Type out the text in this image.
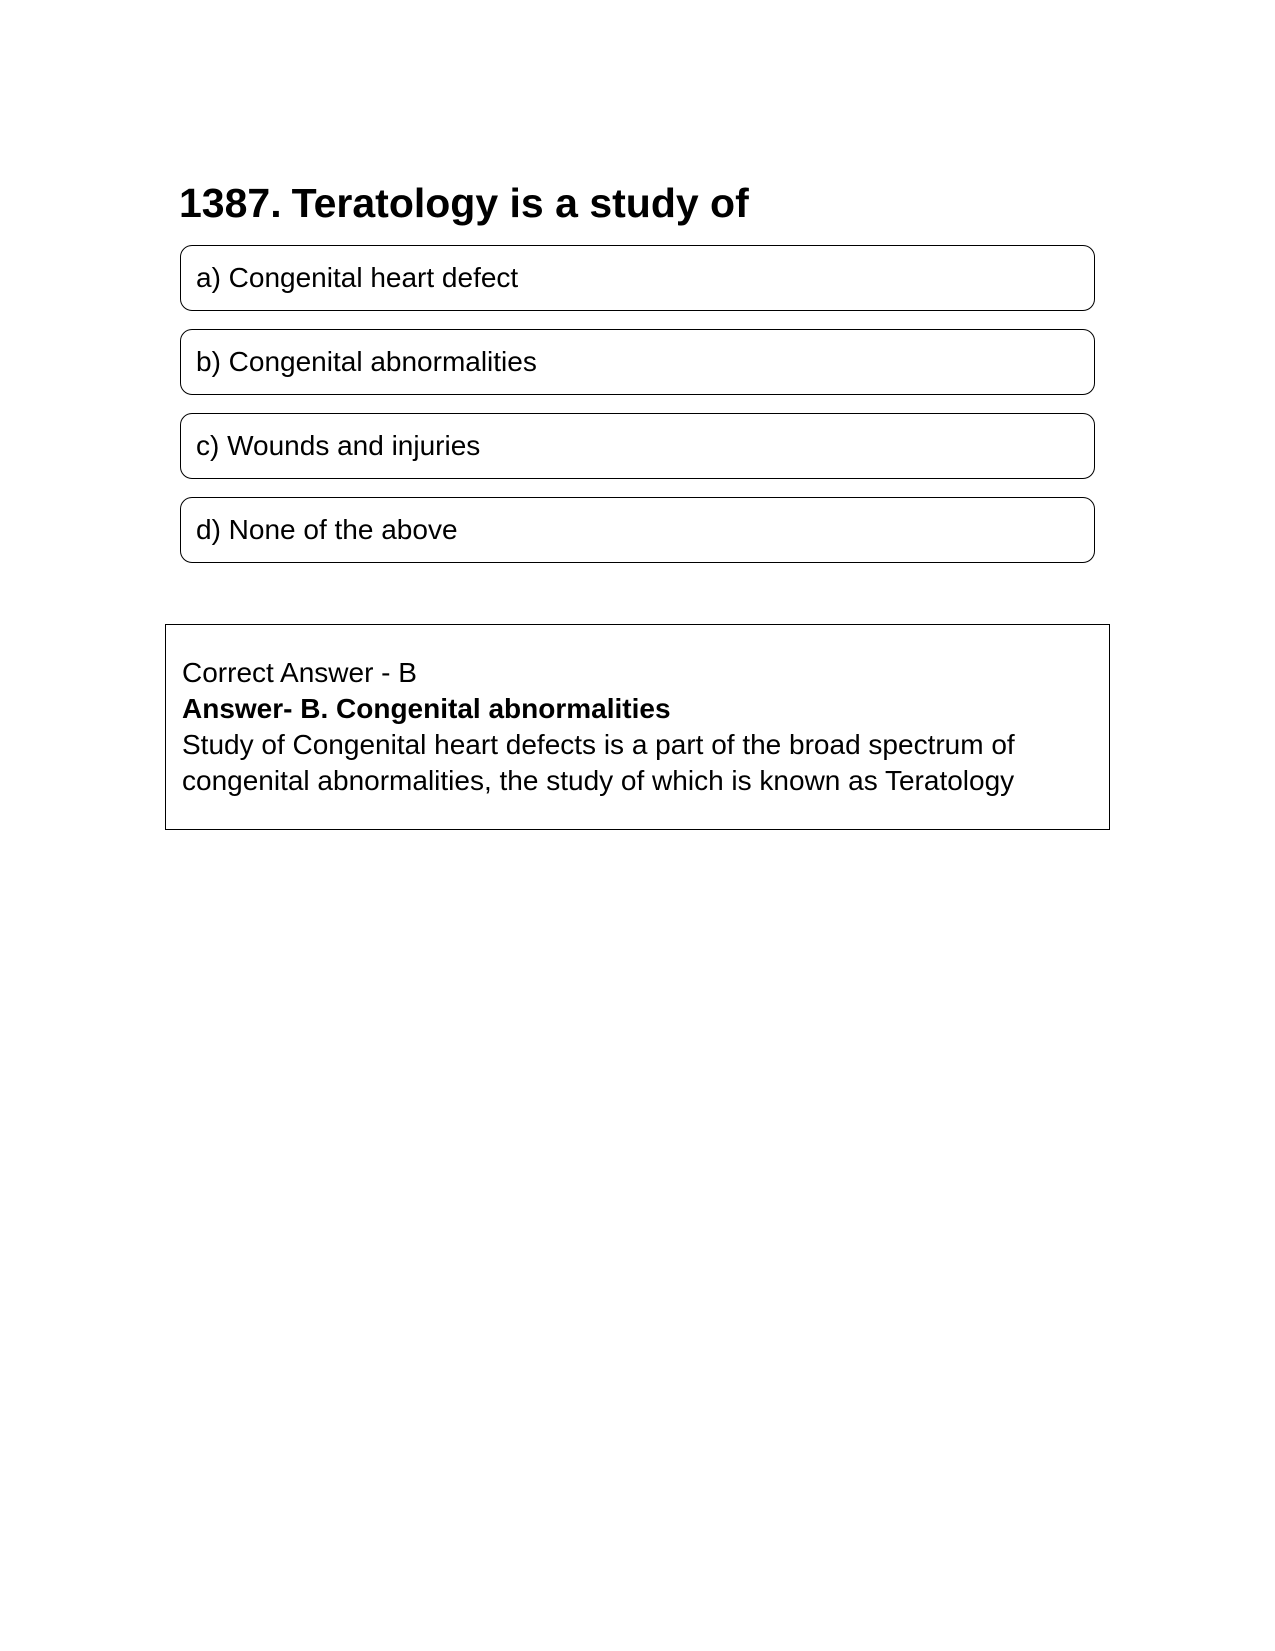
1387. Teratology is a study of
a) Congenital heart defect
b) Congenital abnormalities
c) Wounds and injuries
d) None of the above
Correct Answer - B
Answer- B. Congenital abnormalities
Study of Congenital heart defects is a part of the broad spectrum of
congenital abnormalities, the study of which is known as Teratology
